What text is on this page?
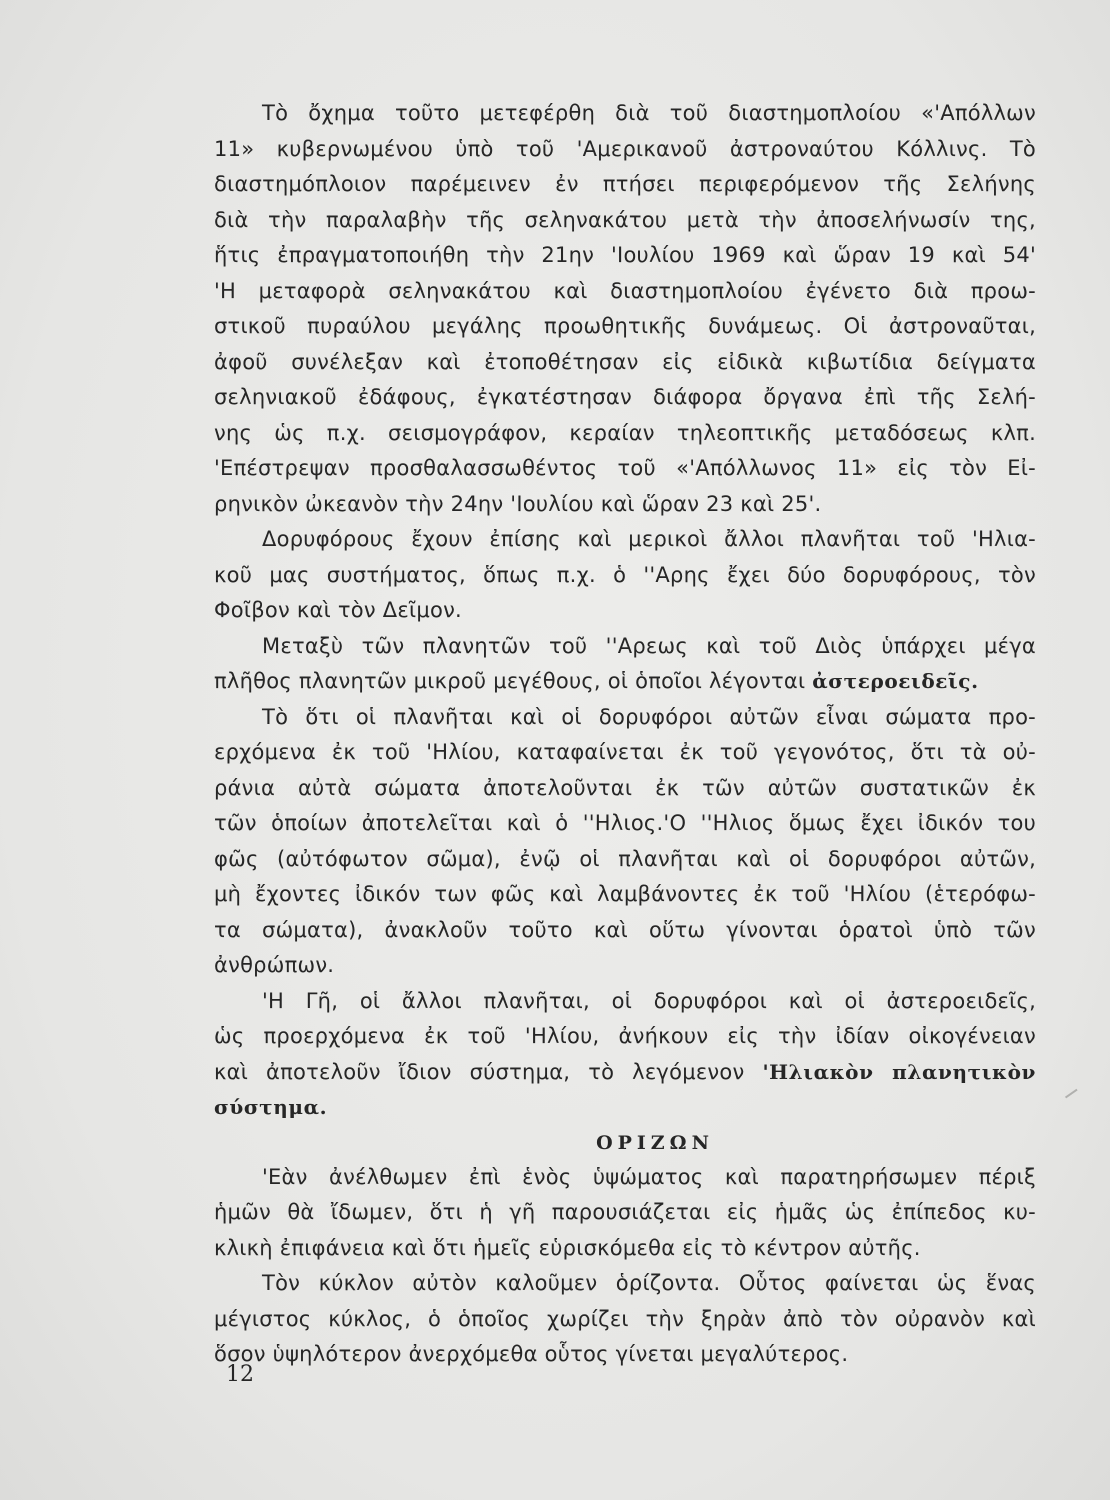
Τὸ ὄχημα τοῦτο μετεφέρθη διὰ τοῦ διαστημοπλοίου «'Απόλλων
11» κυβερνωμένου ὑπὸ τοῦ 'Αμερικανοῦ ἀστροναύτου Κόλλινς. Τὸ
διαστημόπλοιον παρέμεινεν ἐν πτήσει περιφερόμενον τῆς Σελήνης
διὰ τὴν παραλαβὴν τῆς σεληνακάτου μετὰ τὴν ἀποσελήνωσίν της,
ἥτις ἐπραγματοποιήθη τὴν 21ην 'Ιουλίου 1969 καὶ ὥραν 19 καὶ 54'
'Η μεταφορὰ σεληνακάτου καὶ διαστημοπλοίου ἐγένετο διὰ προω-
στικοῦ πυραύλου μεγάλης προωθητικῆς δυνάμεως. Οἱ ἀστροναῦται,
ἀφοῦ συνέλεξαν καὶ ἐτοποθέτησαν εἰς εἰδικὰ κιβωτίδια δείγματα
σεληνιακοῦ ἐδάφους, ἐγκατέστησαν διάφορα ὄργανα ἐπὶ τῆς Σελή-
νης ὡς π.χ. σεισμογράφον, κεραίαν τηλεοπτικῆς μεταδόσεως κλπ.
'Επέστρεψαν προσθαλασσωθέντος τοῦ «'Απόλλωνος 11» εἰς τὸν Εἰ-
ρηνικὸν ὠκεανὸν τὴν 24ην 'Ιουλίου καὶ ὥραν 23 καὶ 25'.
Δορυφόρους ἔχουν ἐπίσης καὶ μερικοὶ ἄλλοι πλανῆται τοῦ 'Ηλια-
κοῦ μας συστήματος, ὅπως π.χ. ὁ ''Αρης ἔχει δύο δορυφόρους, τὸν
Φοῖβον καὶ τὸν Δεῖμον.
Μεταξὺ τῶν πλανητῶν τοῦ ''Αρεως καὶ τοῦ Διὸς ὑπάρχει μέγα
πλῆθος πλανητῶν μικροῦ μεγέθους, οἱ ὁποῖοι λέγονται ἀστεροειδεῖς.
Τὸ ὅτι οἱ πλανῆται καὶ οἱ δορυφόροι αὐτῶν εἶναι σώματα προ-
ερχόμενα ἐκ τοῦ 'Ηλίου, καταφαίνεται ἐκ τοῦ γεγονότος, ὅτι τὰ οὐ-
ράνια αὐτὰ σώματα ἀποτελοῦνται ἐκ τῶν αὐτῶν συστατικῶν ἐκ
τῶν ὁποίων ἀποτελεῖται καὶ ὁ ''Ηλιος.'Ο ''Ηλιος ὅμως ἔχει ἰδικόν του
φῶς (αὐτόφωτον σῶμα), ἐνῷ οἱ πλανῆται καὶ οἱ δορυφόροι αὐτῶν,
μὴ ἔχοντες ἰδικόν των φῶς καὶ λαμβάνοντες ἐκ τοῦ 'Ηλίου (ἑτερόφω-
τα σώματα), ἀνακλοῦν τοῦτο καὶ οὕτω γίνονται ὁρατοὶ ὑπὸ τῶν
ἀνθρώπων.
'Η Γῆ, οἱ ἄλλοι πλανῆται, οἱ δορυφόροι καὶ οἱ ἀστεροειδεῖς,
ὡς προερχόμενα ἐκ τοῦ 'Ηλίου, ἀνήκουν εἰς τὴν ἰδίαν οἰκογένειαν
καὶ ἀποτελοῦν ἴδιον σύστημα, τὸ λεγόμενον 'Ηλιακὸν πλανητικὸν
σύστημα.
ΟΡΙΖΩΝ
'Εὰν ἀνέλθωμεν ἐπὶ ἑνὸς ὑψώματος καὶ παρατηρήσωμεν πέριξ
ἡμῶν θὰ ἴδωμεν, ὅτι ἡ γῆ παρουσιάζεται εἰς ἡμᾶς ὡς ἐπίπεδος κυ-
κλικὴ ἐπιφάνεια καὶ ὅτι ἡμεῖς εὑρισκόμεθα εἰς τὸ κέντρον αὐτῆς.
Τὸν κύκλον αὐτὸν καλοῦμεν ὁρίζοντα. Οὗτος φαίνεται ὡς ἕνας
μέγιστος κύκλος, ὁ ὁποῖος χωρίζει τὴν ξηρὰν ἀπὸ τὸν οὐρανὸν καὶ
ὅσον ὑψηλότερον ἀνερχόμεθα οὗτος γίνεται μεγαλύτερος.
12
